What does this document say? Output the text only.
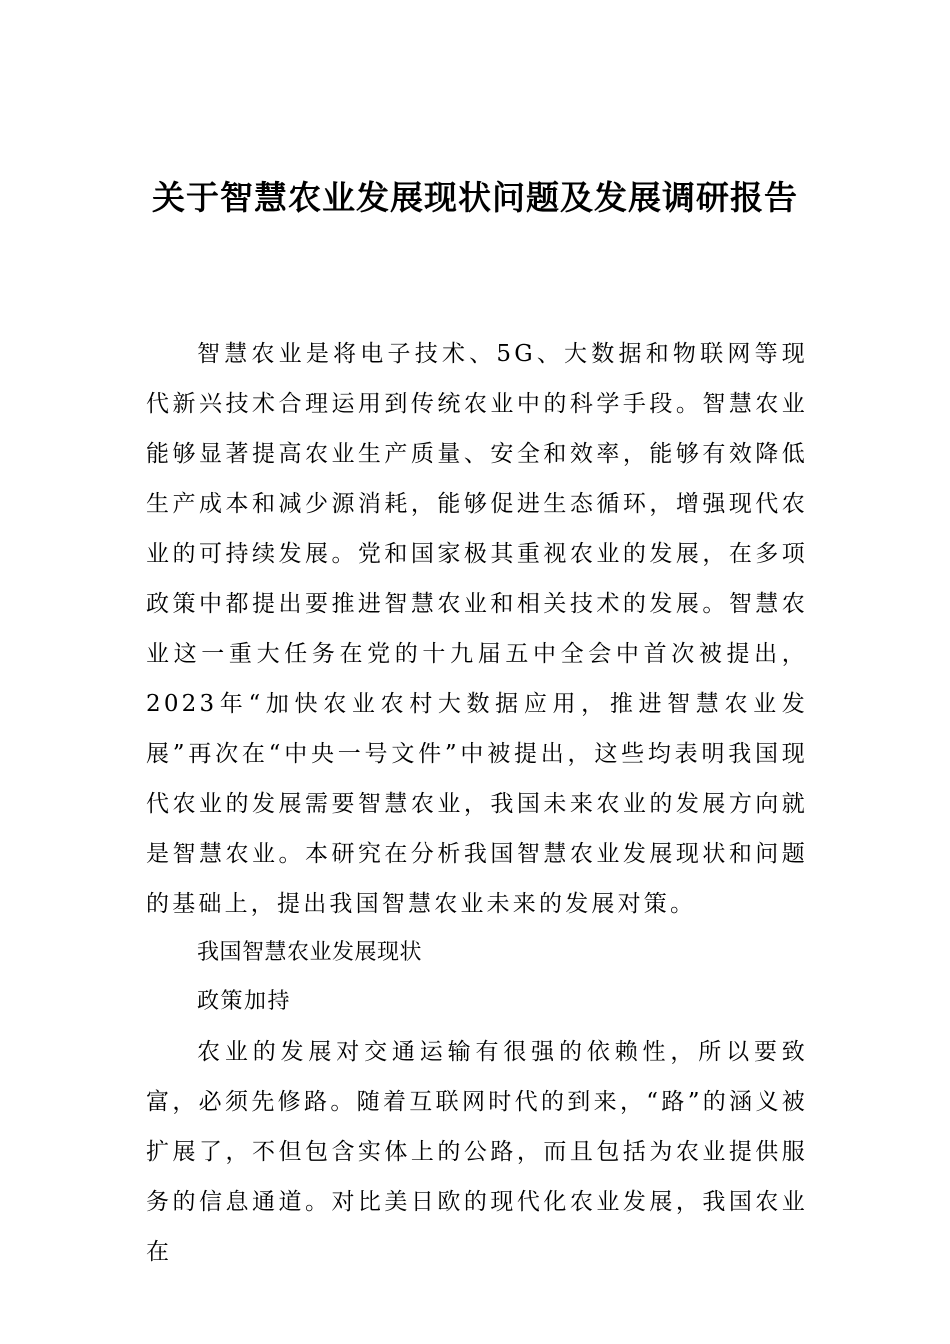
关于智慧农业发展现状问题及发展调研报告

智慧农业是将电子技术、5G、大数据和物联网等现代新兴技术合理运用到传统农业中的科学手段。智慧农业能够显著提高农业生产质量、安全和效率，能够有效降低生产成本和减少源消耗，能够促进生态循环，增强现代农业的可持续发展。党和国家极其重视农业的发展，在多项政策中都提出要推进智慧农业和相关技术的发展。智慧农业这一重大任务在党的十九届五中全会中首次被提出，2023年“加快农业农村大数据应用，推进智慧农业发展”再次在“中央一号文件”中被提出，这些均表明我国现代农业的发展需要智慧农业，我国未来农业的发展方向就是智慧农业。本研究在分析我国智慧农业发展现状和问题的基础上，提出我国智慧农业未来的发展对策。

我国智慧农业发展现状
政策加持

农业的发展对交通运输有很强的依赖性，所以要致富，必须先修路。随着互联网时代的到来，“路”的涵义被扩展了，不但包含实体上的公路，而且包括为农业提供服务的信息通道。对比美日欧的现代化农业发展，我国农业在
